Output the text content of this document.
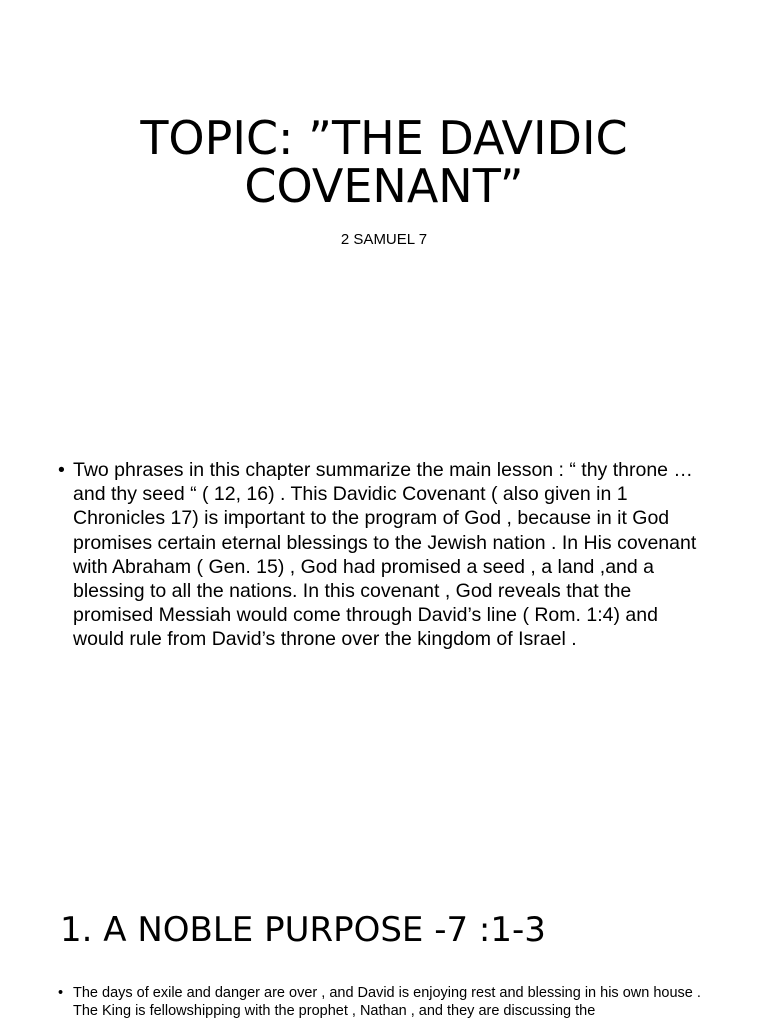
TOPIC: ”THE DAVIDIC COVENANT”
2 SAMUEL 7
• Two phrases in this chapter summarize the main lesson : “ thy throne … and thy seed “ ( 12, 16) . This Davidic Covenant ( also given in 1 Chronicles 17) is important to the program of God , because in it God promises certain eternal blessings to the Jewish nation . In His covenant with Abraham ( Gen. 15) , God had promised a seed , a land ,and a blessing to all the nations. In this covenant , God reveals that the promised Messiah would come through David’s line ( Rom. 1:4) and would rule from David’s throne over the kingdom of Israel .
1. A NOBLE PURPOSE -7 :1-3
• The days of exile and danger are over , and David is enjoying rest and blessing in his own house . The King is fellowshipping with the prophet , Nathan , and they are discussing the
